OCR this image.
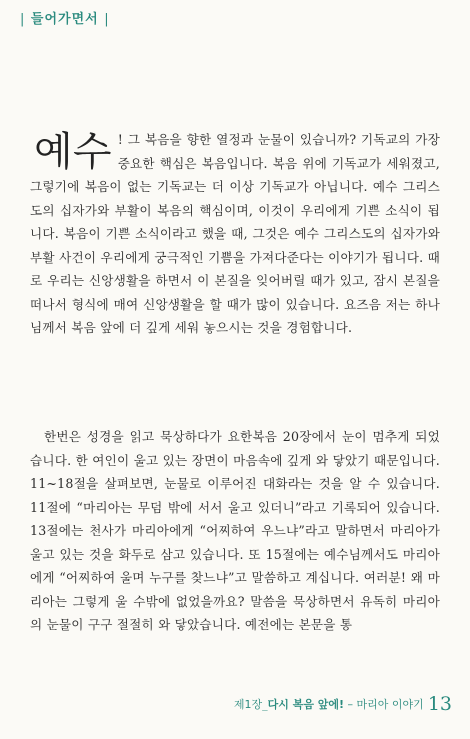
| 들어가면서 |

예수 ! 그 복음을 향한 열정과 눈물이 있습니까? 기독교의 가장 중요한 핵심은 복음입니다. 복음 위에 기독교가 세워졌고, 그렇기에 복음이 없는 기독교는 더 이상 기독교가 아닙니다. 예수 그리스도의 십자가와 부활이 복음의 핵심이며, 이것이 우리에게 기쁜 소식이 됩니다. 복음이 기쁜 소식이라고 했을 때, 그것은 예수 그리스도의 십자가와 부활 사건이 우리에게 궁극적인 기쁨을 가져다준다는 이야기가 됩니다. 때로 우리는 신앙생활을 하면서 이 본질을 잊어버릴 때가 있고, 잠시 본질을 떠나서 형식에 매여 신앙생활을 할 때가 많이 있습니다. 요즈음 저는 하나님께서 복음 앞에 더 깊게 세워 놓으시는 것을 경험합니다.

한번은 성경을 읽고 묵상하다가 요한복음 20장에서 눈이 멈추게 되었습니다. 한 여인이 울고 있는 장면이 마음속에 깊게 와 닿았기 때문입니다. 11~18절을 살펴보면, 눈물로 이루어진 대화라는 것을 알 수 있습니다. 11절에 “마리아는 무덤 밖에 서서 울고 있더니”라고 기록되어 있습니다. 13절에는 천사가 마리아에게 “어찌하여 우느냐”라고 말하면서 마리아가 울고 있는 것을 화두로 삼고 있습니다. 또 15절에는 예수님께서도 마리아에게 “어찌하여 울며 누구를 찾느냐”고 말씀하고 계십니다. 여러분! 왜 마리아는 그렇게 울 수밖에 없었을까요? 말씀을 묵상하면서 유독히 마리아의 눈물이 구구 절절히 와 닿았습니다. 예전에는 본문을 통

제1장_다시 복음 앞에! – 마리아 이야기 13
